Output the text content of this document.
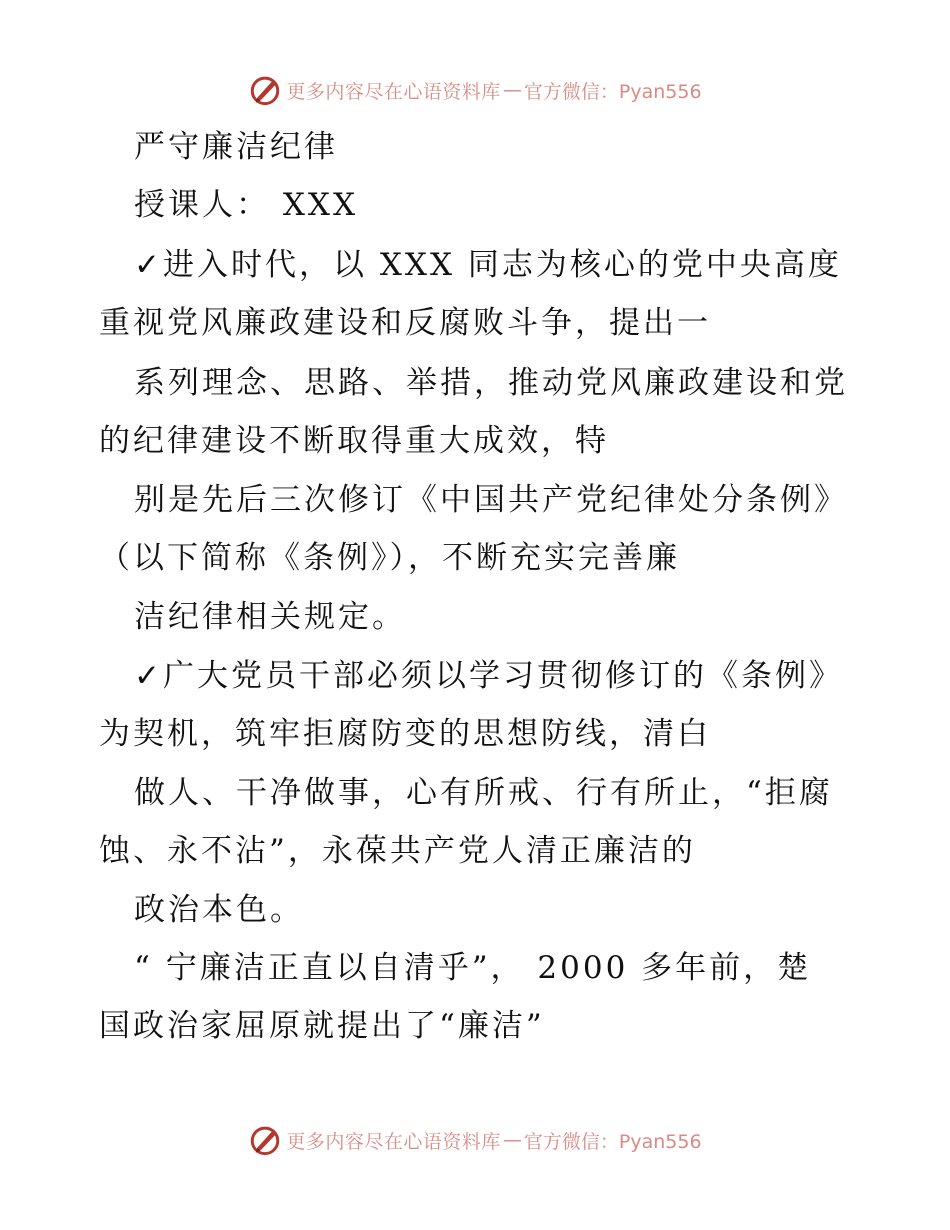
更多内容尽在心语资料库 — 官方微信：Pyan556
严守廉洁纪律
授课人： XXX
✓进入时代，以 XXX 同志为核心的党中央高度
重视党风廉政建设和反腐败斗争，提出一
系列理念、思路、举措，推动党风廉政建设和党
的纪律建设不断取得重大成效，特
别是先后三次修订《中国共产党纪律处分条例》
（以下简称《条例》），不断充实完善廉
洁纪律相关规定。
✓广大党员干部必须以学习贯彻修订的《条例》
为契机，筑牢拒腐防变的思想防线，清白
做人、干净做事，心有所戒、行有所止，“拒腐
蚀、永不沾”，永葆共产党人清正廉洁的
政治本色。
“ 宁廉洁正直以自清乎”， 2000 多年前，楚
国政治家屈原就提出了“廉洁”
更多内容尽在心语资料库 — 官方微信：Pyan556
